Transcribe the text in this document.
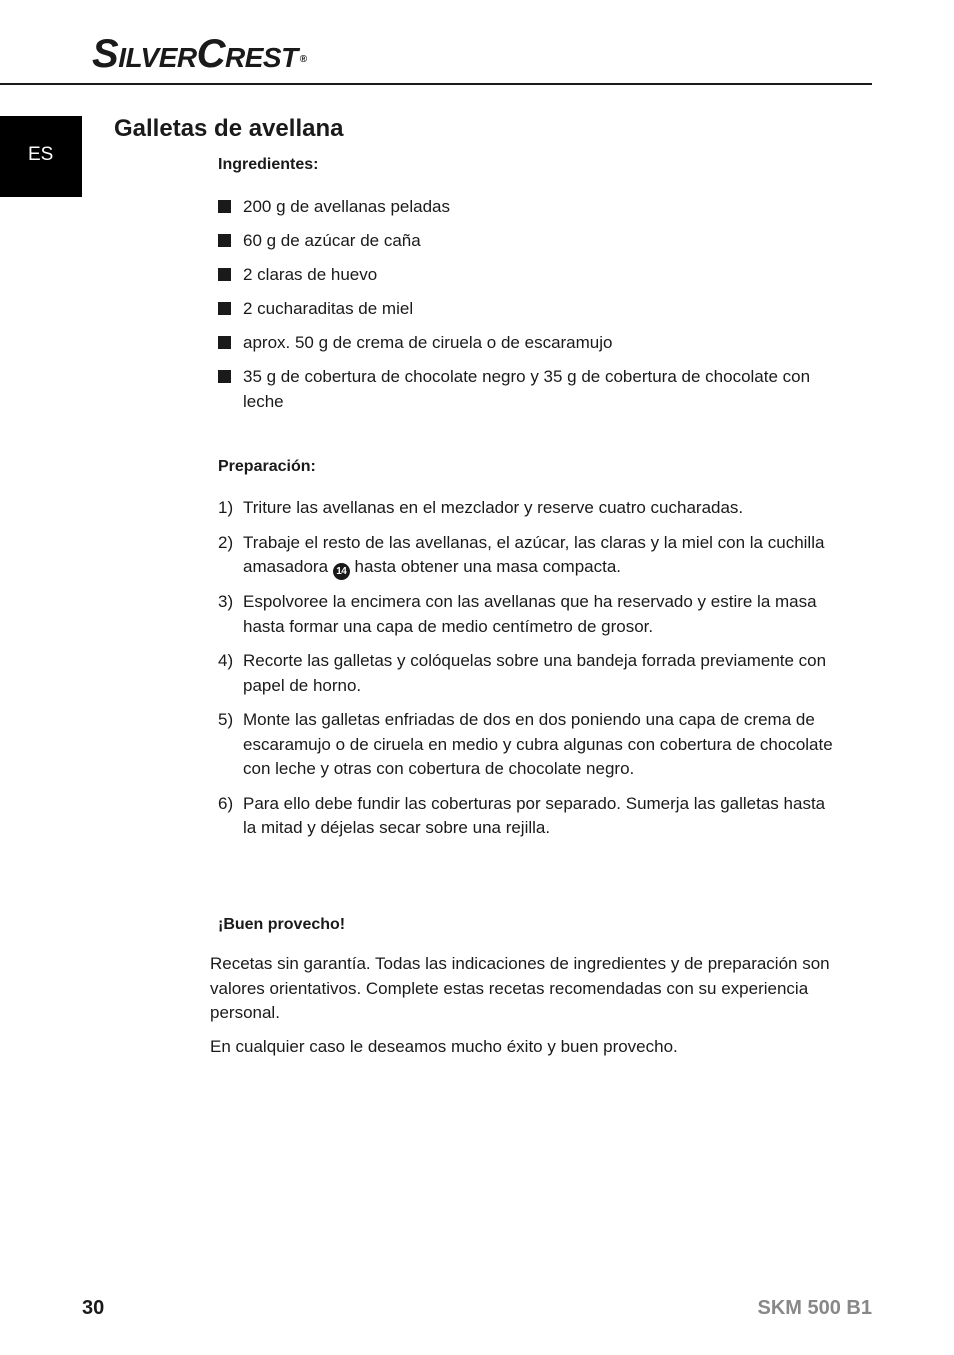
SILVERCREST ®
ES
Galletas de avellana
Ingredientes:
200 g de avellanas peladas
60 g de azúcar de caña
2 claras de huevo
2 cucharaditas de miel
aprox. 50 g de crema de ciruela o de escaramujo
35 g de cobertura de chocolate negro y 35 g de cobertura de chocolate con leche
Preparación:
1) Triture las avellanas en el mezclador y reserve cuatro cucharadas.
2) Trabaje el resto de las avellanas, el azúcar, las claras y la miel con la cuchilla amasadora 14 hasta obtener una masa compacta.
3) Espolvoree la encimera con las avellanas que ha reservado y estire la masa hasta formar una capa de medio centímetro de grosor.
4) Recorte las galletas y colóquelas sobre una bandeja forrada previamente con papel de horno.
5) Monte las galletas enfriadas de dos en dos poniendo una capa de crema de escaramujo o de ciruela en medio y cubra algunas con cobertura de chocolate con leche y otras con cobertura de chocolate negro.
6) Para ello debe fundir las coberturas por separado. Sumerja las galletas hasta la mitad y déjelas secar sobre una rejilla.
¡Buen provecho!

Recetas sin garantía. Todas las indicaciones de ingredientes y de preparación son valores orientativos. Complete estas recetas recomendadas con su experiencia personal.

En cualquier caso le deseamos mucho éxito y buen provecho.

30	SKM 500 B1
